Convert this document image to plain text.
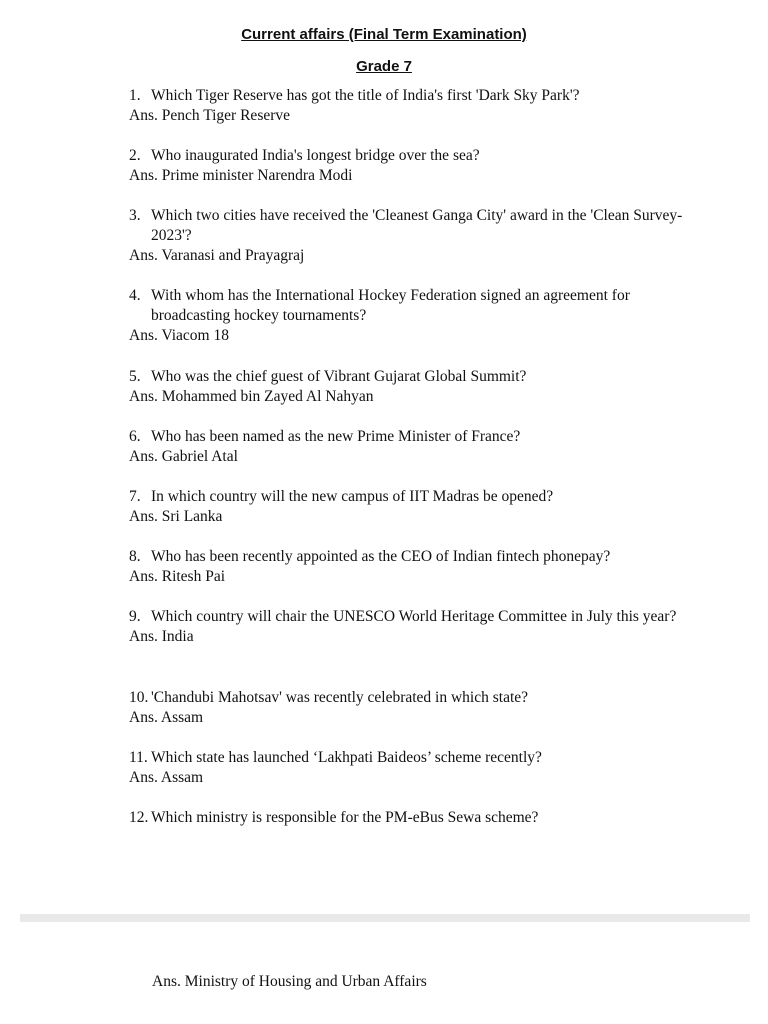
Current affairs (Final Term Examination)
Grade 7
1. Which Tiger Reserve has got the title of India's first 'Dark Sky Park'?
Ans. Pench Tiger Reserve
2. Who inaugurated India's longest bridge over the sea?
Ans. Prime minister Narendra Modi
3. Which two cities have received the 'Cleanest Ganga City' award in the 'Clean Survey-2023'?
Ans. Varanasi and Prayagraj
4. With whom has the International Hockey Federation signed an agreement for broadcasting hockey tournaments?
Ans. Viacom 18
5. Who was the chief guest of Vibrant Gujarat Global Summit?
Ans. Mohammed bin Zayed Al Nahyan
6. Who has been named as the new Prime Minister of France?
Ans. Gabriel Atal
7. In which country will the new campus of IIT Madras be opened?
Ans. Sri Lanka
8. Who has been recently appointed as the CEO of Indian fintech phonepay?
Ans. Ritesh Pai
9. Which country will chair the UNESCO World Heritage Committee in July this year?
Ans. India
10. 'Chandubi Mahotsav' was recently celebrated in which state?
Ans. Assam
11. Which state has launched ‘Lakhpati Baideos’ scheme recently?
Ans. Assam
12. Which ministry is responsible for the PM-eBus Sewa scheme?
Ans. Ministry of Housing and Urban Affairs
